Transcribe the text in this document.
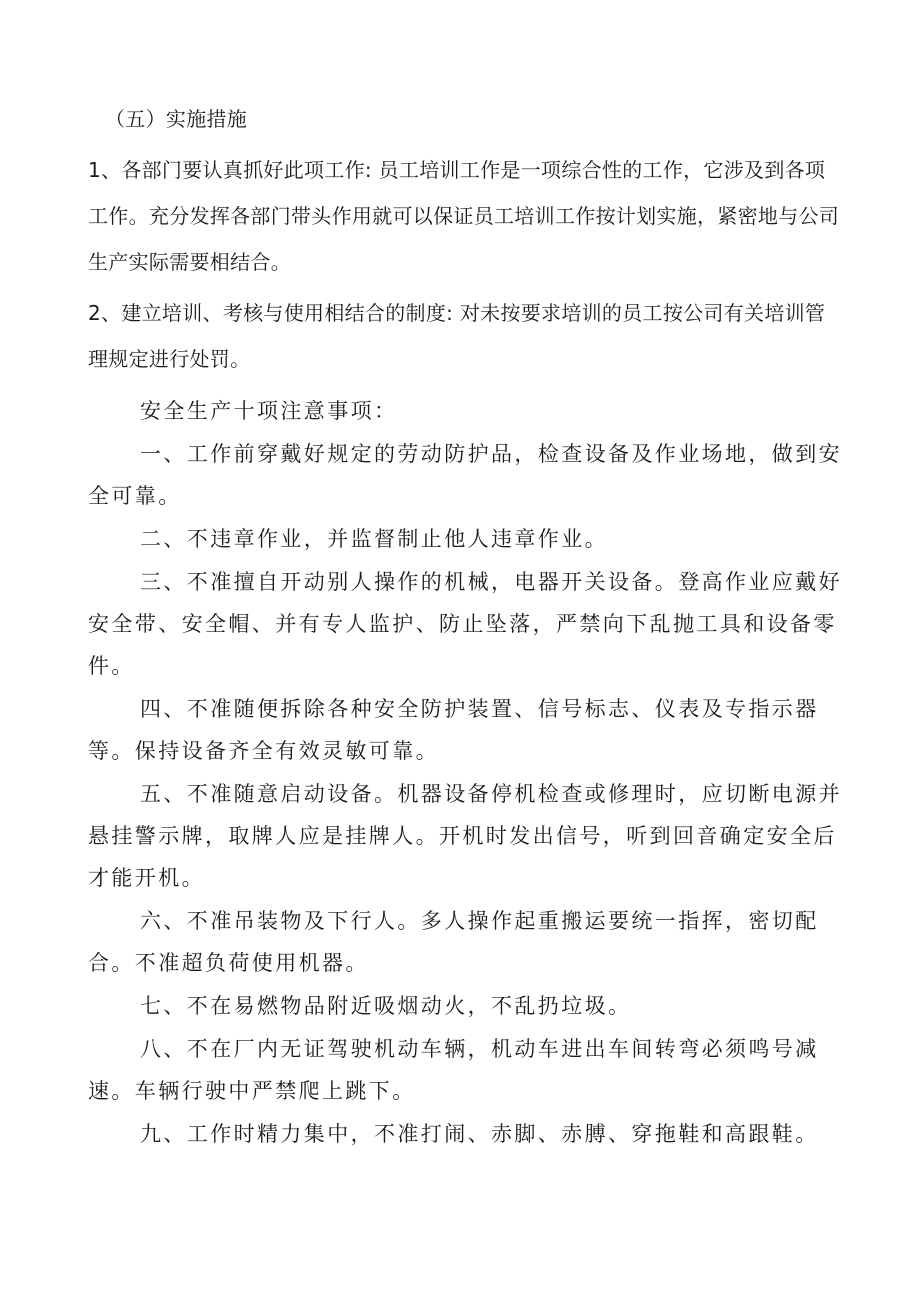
（五）实施措施

1、各部门要认真抓好此项工作: 员工培训工作是一项综合性的工作，它涉及到各项工作。充分发挥各部门带头作用就可以保证员工培训工作按计划实施，紧密地与公司生产实际需要相结合。

2、建立培训、考核与使用相结合的制度: 对未按要求培训的员工按公司有关培训管理规定进行处罚。

安全生产十项注意事项：

一、工作前穿戴好规定的劳动防护品，检查设备及作业场地，做到安全可靠。

二、不违章作业，并监督制止他人违章作业。

三、不准擅自开动别人操作的机械，电器开关设备。登高作业应戴好安全带、安全帽、并有专人监护、防止坠落，严禁向下乱抛工具和设备零件。

四、不准随便拆除各种安全防护装置、信号标志、仪表及专指示器等。保持设备齐全有效灵敏可靠。

五、不准随意启动设备。机器设备停机检查或修理时，应切断电源并悬挂警示牌，取牌人应是挂牌人。开机时发出信号，听到回音确定安全后才能开机。

六、不准吊装物及下行人。多人操作起重搬运要统一指挥，密切配合。不准超负荷使用机器。

七、不在易燃物品附近吸烟动火，不乱扔垃圾。

八、不在厂内无证驾驶机动车辆，机动车进出车间转弯必须鸣号减速。车辆行驶中严禁爬上跳下。

九、工作时精力集中，不准打闹、赤脚、赤膊、穿拖鞋和高跟鞋。
